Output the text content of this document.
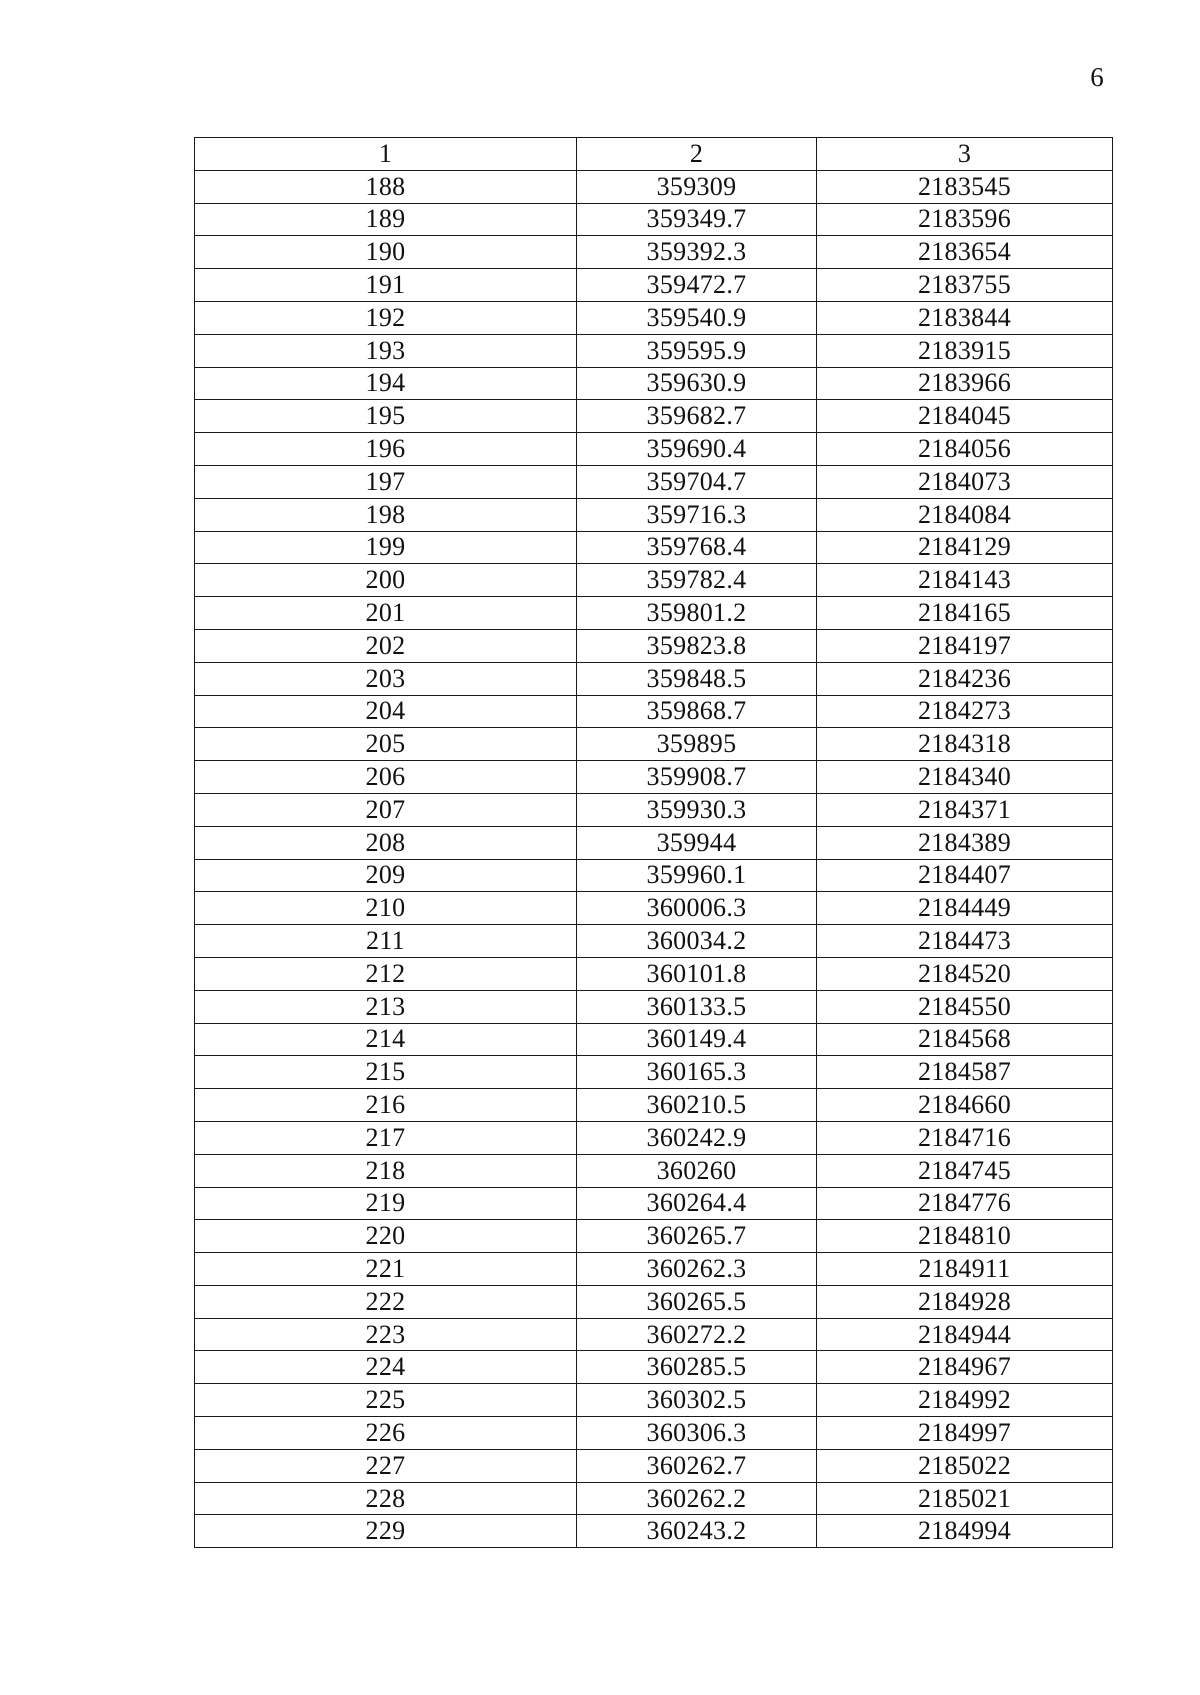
6
1	2	3
188	359309	2183545
189	359349.7	2183596
190	359392.3	2183654
191	359472.7	2183755
192	359540.9	2183844
193	359595.9	2183915
194	359630.9	2183966
195	359682.7	2184045
196	359690.4	2184056
197	359704.7	2184073
198	359716.3	2184084
199	359768.4	2184129
200	359782.4	2184143
201	359801.2	2184165
202	359823.8	2184197
203	359848.5	2184236
204	359868.7	2184273
205	359895	2184318
206	359908.7	2184340
207	359930.3	2184371
208	359944	2184389
209	359960.1	2184407
210	360006.3	2184449
211	360034.2	2184473
212	360101.8	2184520
213	360133.5	2184550
214	360149.4	2184568
215	360165.3	2184587
216	360210.5	2184660
217	360242.9	2184716
218	360260	2184745
219	360264.4	2184776
220	360265.7	2184810
221	360262.3	2184911
222	360265.5	2184928
223	360272.2	2184944
224	360285.5	2184967
225	360302.5	2184992
226	360306.3	2184997
227	360262.7	2185022
228	360262.2	2185021
229	360243.2	2184994
